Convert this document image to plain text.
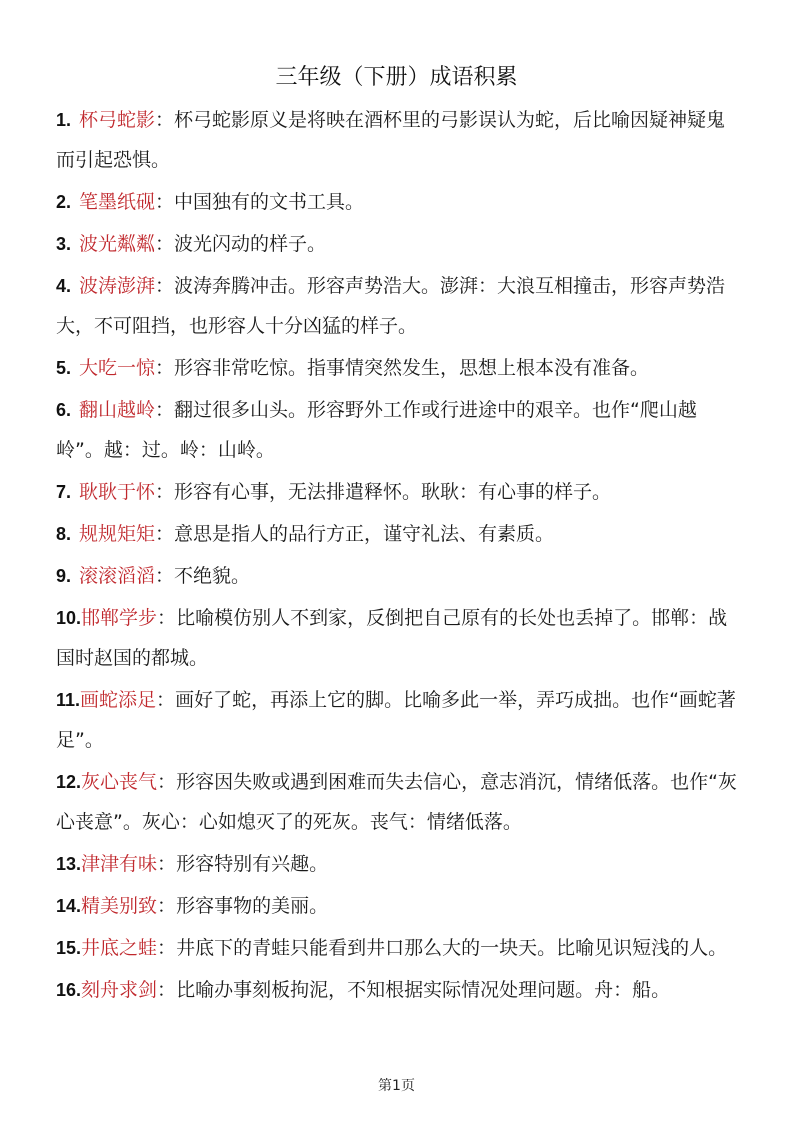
三年级（下册）成语积累

1. 杯弓蛇影：杯弓蛇影原义是将映在酒杯里的弓影误认为蛇，后比喻因疑神疑鬼而引起恐惧。

2. 笔墨纸砚：中国独有的文书工具。

3. 波光粼粼：波光闪动的样子。

4. 波涛澎湃：波涛奔腾冲击。形容声势浩大。澎湃：大浪互相撞击，形容声势浩大，不可阻挡，也形容人十分凶猛的样子。

5. 大吃一惊：形容非常吃惊。指事情突然发生，思想上根本没有准备。

6. 翻山越岭：翻过很多山头。形容野外工作或行进途中的艰辛。也作“爬山越岭”。越：过。岭：山岭。

7. 耿耿于怀：形容有心事，无法排遣释怀。耿耿：有心事的样子。

8. 规规矩矩：意思是指人的品行方正，谨守礼法、有素质。

9. 滚滚滔滔：不绝貌。

10.邯郸学步：比喻模仿别人不到家，反倒把自己原有的长处也丢掉了。邯郸：战国时赵国的都城。

11.画蛇添足：画好了蛇，再添上它的脚。比喻多此一举，弄巧成拙。也作“画蛇著足”。

12.灰心丧气：形容因失败或遇到困难而失去信心，意志消沉，情绪低落。也作“灰心丧意”。灰心：心如熄灭了的死灰。丧气：情绪低落。

13.津津有味：形容特别有兴趣。

14.精美别致：形容事物的美丽。

15.井底之蛙：井底下的青蛙只能看到井口那么大的一块天。比喻见识短浅的人。

16.刻舟求剑：比喻办事刻板拘泥，不知根据实际情况处理问题。舟：船。

第1页
